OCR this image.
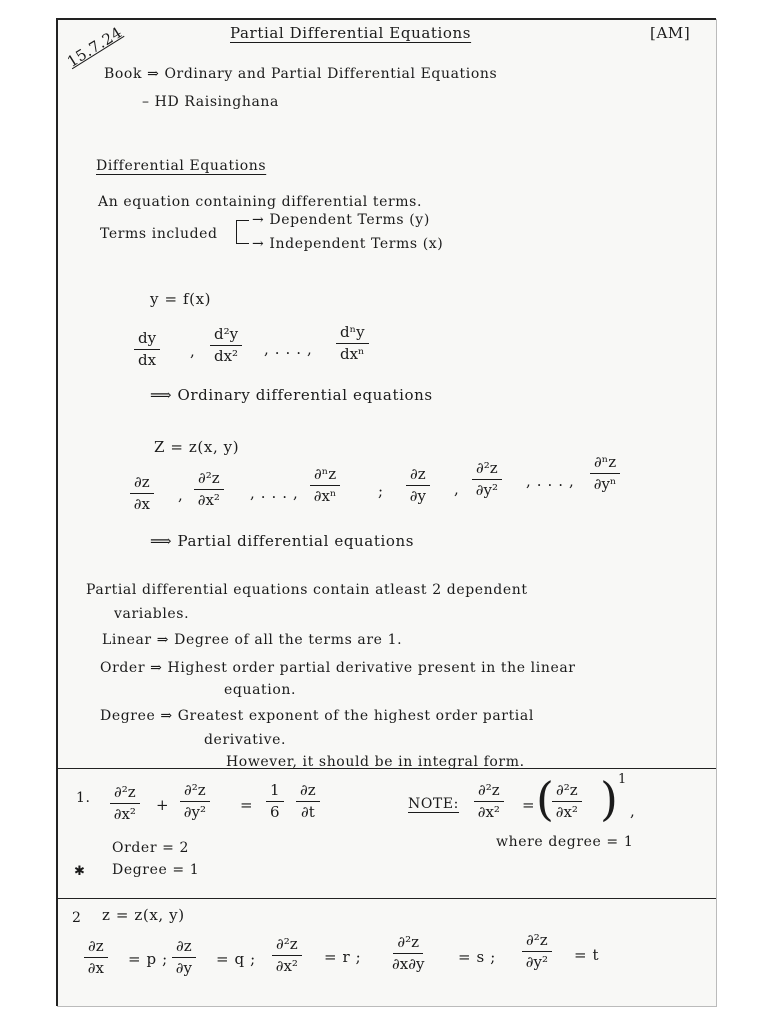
15.7.24	Partial Differential Equations	[AM]
Book ⇒ Ordinary and Partial Differential Equations
– HD Raisinghana
Differential Equations
An equation containing differential terms.
Terms included
→ Dependent Terms (y)
→ Independent Terms (x)
y = f(x)
$\frac{dy}{dx}$ , $\frac{\text{d²y}}{\text{dx²}}$ , . . . ,
dⁿy
dxⁿ
⟹ Ordinary differential equations
Z = z(x, y)
$\frac{\partial z}{\partial x}$ , $\frac{\text{∂²z}}{\text{∂x²}}$ , . . . , $\frac{\text{∂ⁿz}}{\text{∂xⁿ}}$	; $\frac{\partial z}{\partial y}$ , $\frac{\text{∂²z}}{\text{∂y²}}$ , . . . , $\frac{\text{∂ⁿz}}{\text{∂yⁿ}}$
⟹ Partial differential equations
Partial differential equations contain atleast 2 dependent
variables.
Linear ⇒ Degree of all the terms are 1.
Order ⇒ Highest order partial derivative present in the linear
equation.
Degree ⇒ Greatest exponent of the highest order partial
derivative.
However, it should be in integral form.
1. $\frac{\text{∂²z}}{\text{∂x²}} + \frac{\text{∂²z}}{\text{∂y²}} = \frac{1}{6} \frac{\partial z}{\partial t}$	NOTE: $\frac{\text{∂²z}}{\text{∂x²}}$ = (
$\frac{\text{∂²z}}{\text{∂x²}}$ ) 1
,
where degree = 1
Order = 2
✱ Degree = 1
2 z = z(x, y)
$\frac{\partial z}{\partial x} = p$ ; $\frac{\partial z}{\partial y} = q$ ; $\frac{\text{∂²z}}{\text{∂x²}} = r$ ; $\frac{\text{∂²z}}{\partial x\partial y} = s$ ; $\frac{\text{∂²z}}{\text{∂y²}} = t$
